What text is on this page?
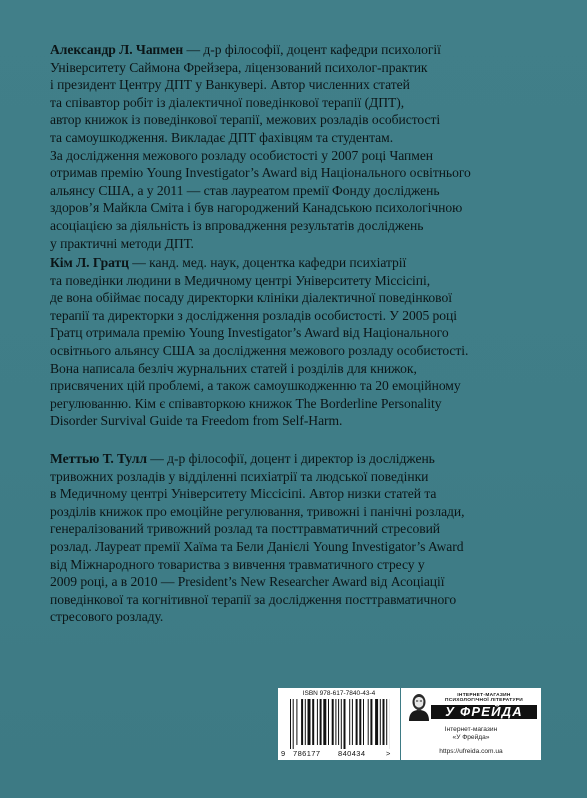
Александр Л. Чапмен — д-р філософії, доцент кафедри психології
Університету Саймона Фрейзера, ліцензований психолог-практик
і президент Центру ДПТ у Ванкувері. Автор численних статей
та співавтор робіт із діалектичної поведінкової терапії (ДПТ),
автор книжок із поведінкової терапії, межових розладів особистості
та самоушкодження. Викладає ДПТ фахівцям та студентам.
За дослідження межового розладу особистості у 2007 році Чапмен
отримав премію Young Investigator’s Award від Національного освітнього
альянсу США, а у 2011 — став лауреатом премії Фонду досліджень
здоров’я Майкла Сміта і був нагороджений Канадською психологічною
асоціацією за діяльність із впровадження результатів досліджень
у практичні методи ДПТ.
Кім Л. Гратц — канд. мед. наук, доцентка кафедри психіатрії
та поведінки людини в Медичному центрі Університету Міссісіпі,
де вона обіймає посаду директорки клініки діалектичної поведінкової
терапії та директорки з дослідження розладів особистості. У 2005 році
Гратц отримала премію Young Investigator’s Award від Національного
освітнього альянсу США за дослідження межового розладу особистості.
Вона написала безліч журнальних статей і розділів для книжок,
присвячених цій проблемі, а також самоушкодженню та 20 емоційному
регулюванню. Кім є співавторкою книжок The Borderline Personality
Disorder Survival Guide та Freedom from Self-Harm.
Меттью Т. Тулл — д-р філософії, доцент і директор із досліджень
тривожних розладів у відділенні психіатрії та людської поведінки
в Медичному центрі Університету Міссісіпі. Автор низки статей та
розділів книжок про емоційне регулювання, тривожні і панічні розлади,
генералізований тривожний розлад та посттравматичний стресовий
розлад. Лауреат премії Хаїма та Бели Данієлі Young Investigator’s Award
від Міжнародного товариства з вивчення травматичного стресу у
2009 році, а в 2010 — President’s New Researcher Award від Асоціації
поведінкової та когнітивної терапії за дослідження посттравматичного
стресового розладу.
ISBN 978-617-7840-43-4
9 786177 840434	>
ІНТЕРНЕТ-МАГАЗИН
ПСИХОЛОГІЧНОЇ ЛІТЕРАТУРИ
У ФРЕЙДА
Інтернет-магазин
«У Фрейда»
https://ufreida.com.ua
